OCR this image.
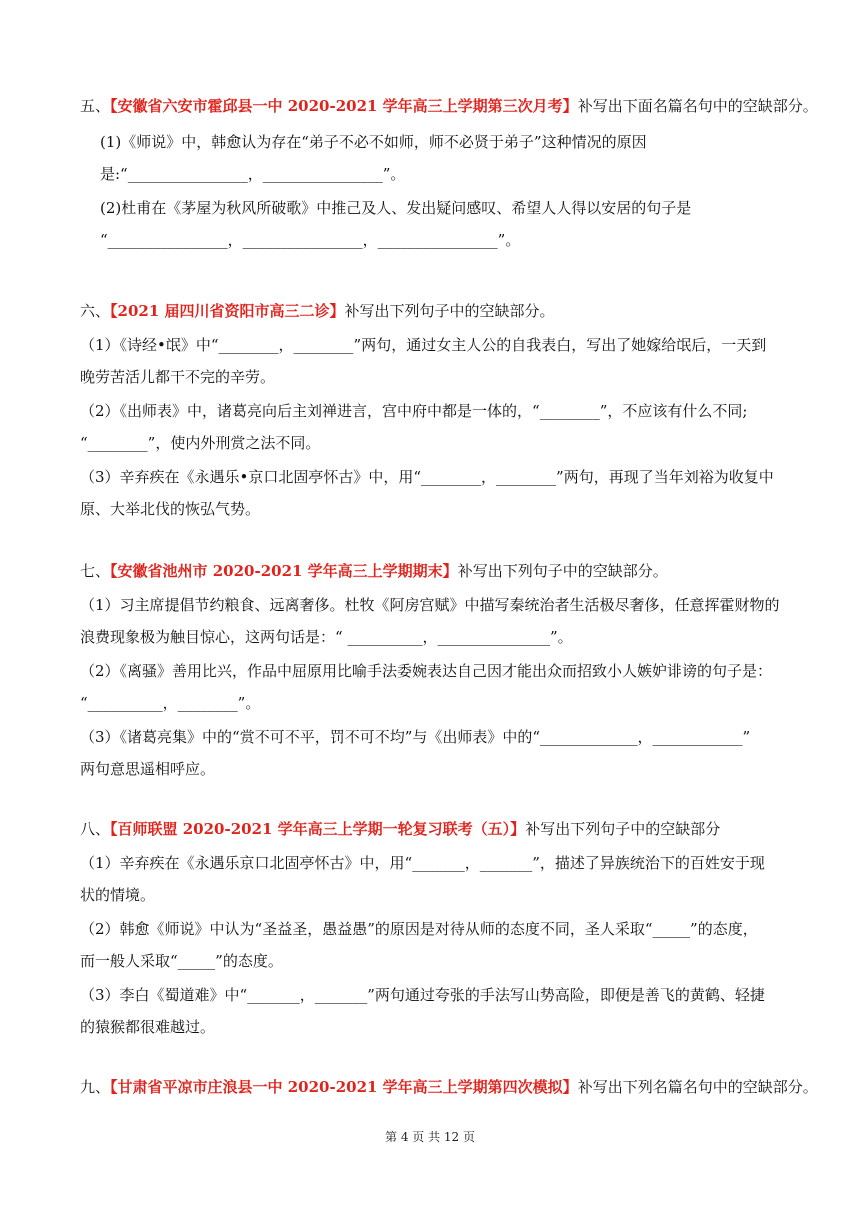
五、【安徽省六安市霍邱县一中 2020-2021 学年高三上学期第三次月考】补写出下面名篇名句中的空缺部分。
(1)《师说》中，韩愈认为存在“弟子不必不如师，师不必贤于弟子”这种情况的原因
是:“________________，________________”。
(2)杜甫在《茅屋为秋风所破歌》中推己及人、发出疑问感叹、希望人人得以安居的句子是
“________________，________________，________________”。
六、【2021 届四川省资阳市高三二诊】补写出下列句子中的空缺部分。
（1）《诗经•氓》中“________，________”两句，通过女主人公的自我表白，写出了她嫁给氓后，一天到
晚劳苦活儿都干不完的辛劳。
（2）《出师表》中，诸葛亮向后主刘禅进言，宫中府中都是一体的，“________”，不应该有什么不同;
“________”，使内外刑赏之法不同。
（3）辛弃疾在《永遇乐•京口北固亭怀古》中，用“________，________”两句，再现了当年刘裕为收复中
原、大举北伐的恢弘气势。
七、【安徽省池州市 2020-2021 学年高三上学期期末】补写出下列句子中的空缺部分。
（1）习主席提倡节约粮食、远离奢侈。杜牧《阿房宫赋》中描写秦统治者生活极尽奢侈，任意挥霍财物的
浪费现象极为触目惊心，这两句话是：“ __________，_______________”。
（2）《离骚》善用比兴，作品中屈原用比喻手法委婉表达自己因才能出众而招致小人嫉妒诽谤的句子是：
“__________，________”。
（3）《诸葛亮集》中的“赏不可不平，罚不可不均”与《出师表》中的“_____________，____________”
两句意思遥相呼应。
八、【百师联盟 2020-2021 学年高三上学期一轮复习联考（五）】补写出下列句子中的空缺部分
（1）辛弃疾在《永遇乐京口北固亭怀古》中，用“_______，_______”，描述了异族统治下的百姓安于现
状的情境。
（2）韩愈《师说》中认为“圣益圣，愚益愚”的原因是对待从师的态度不同，圣人采取“_____”的态度，
而一般人采取“_____”的态度。
（3）李白《蜀道难》中“_______，_______”两句通过夸张的手法写山势高险，即便是善飞的黄鹤、轻捷
的猿猴都很难越过。
九、【甘肃省平凉市庄浪县一中 2020-2021 学年高三上学期第四次模拟】补写出下列名篇名句中的空缺部分。
第 4 页 共 12 页
